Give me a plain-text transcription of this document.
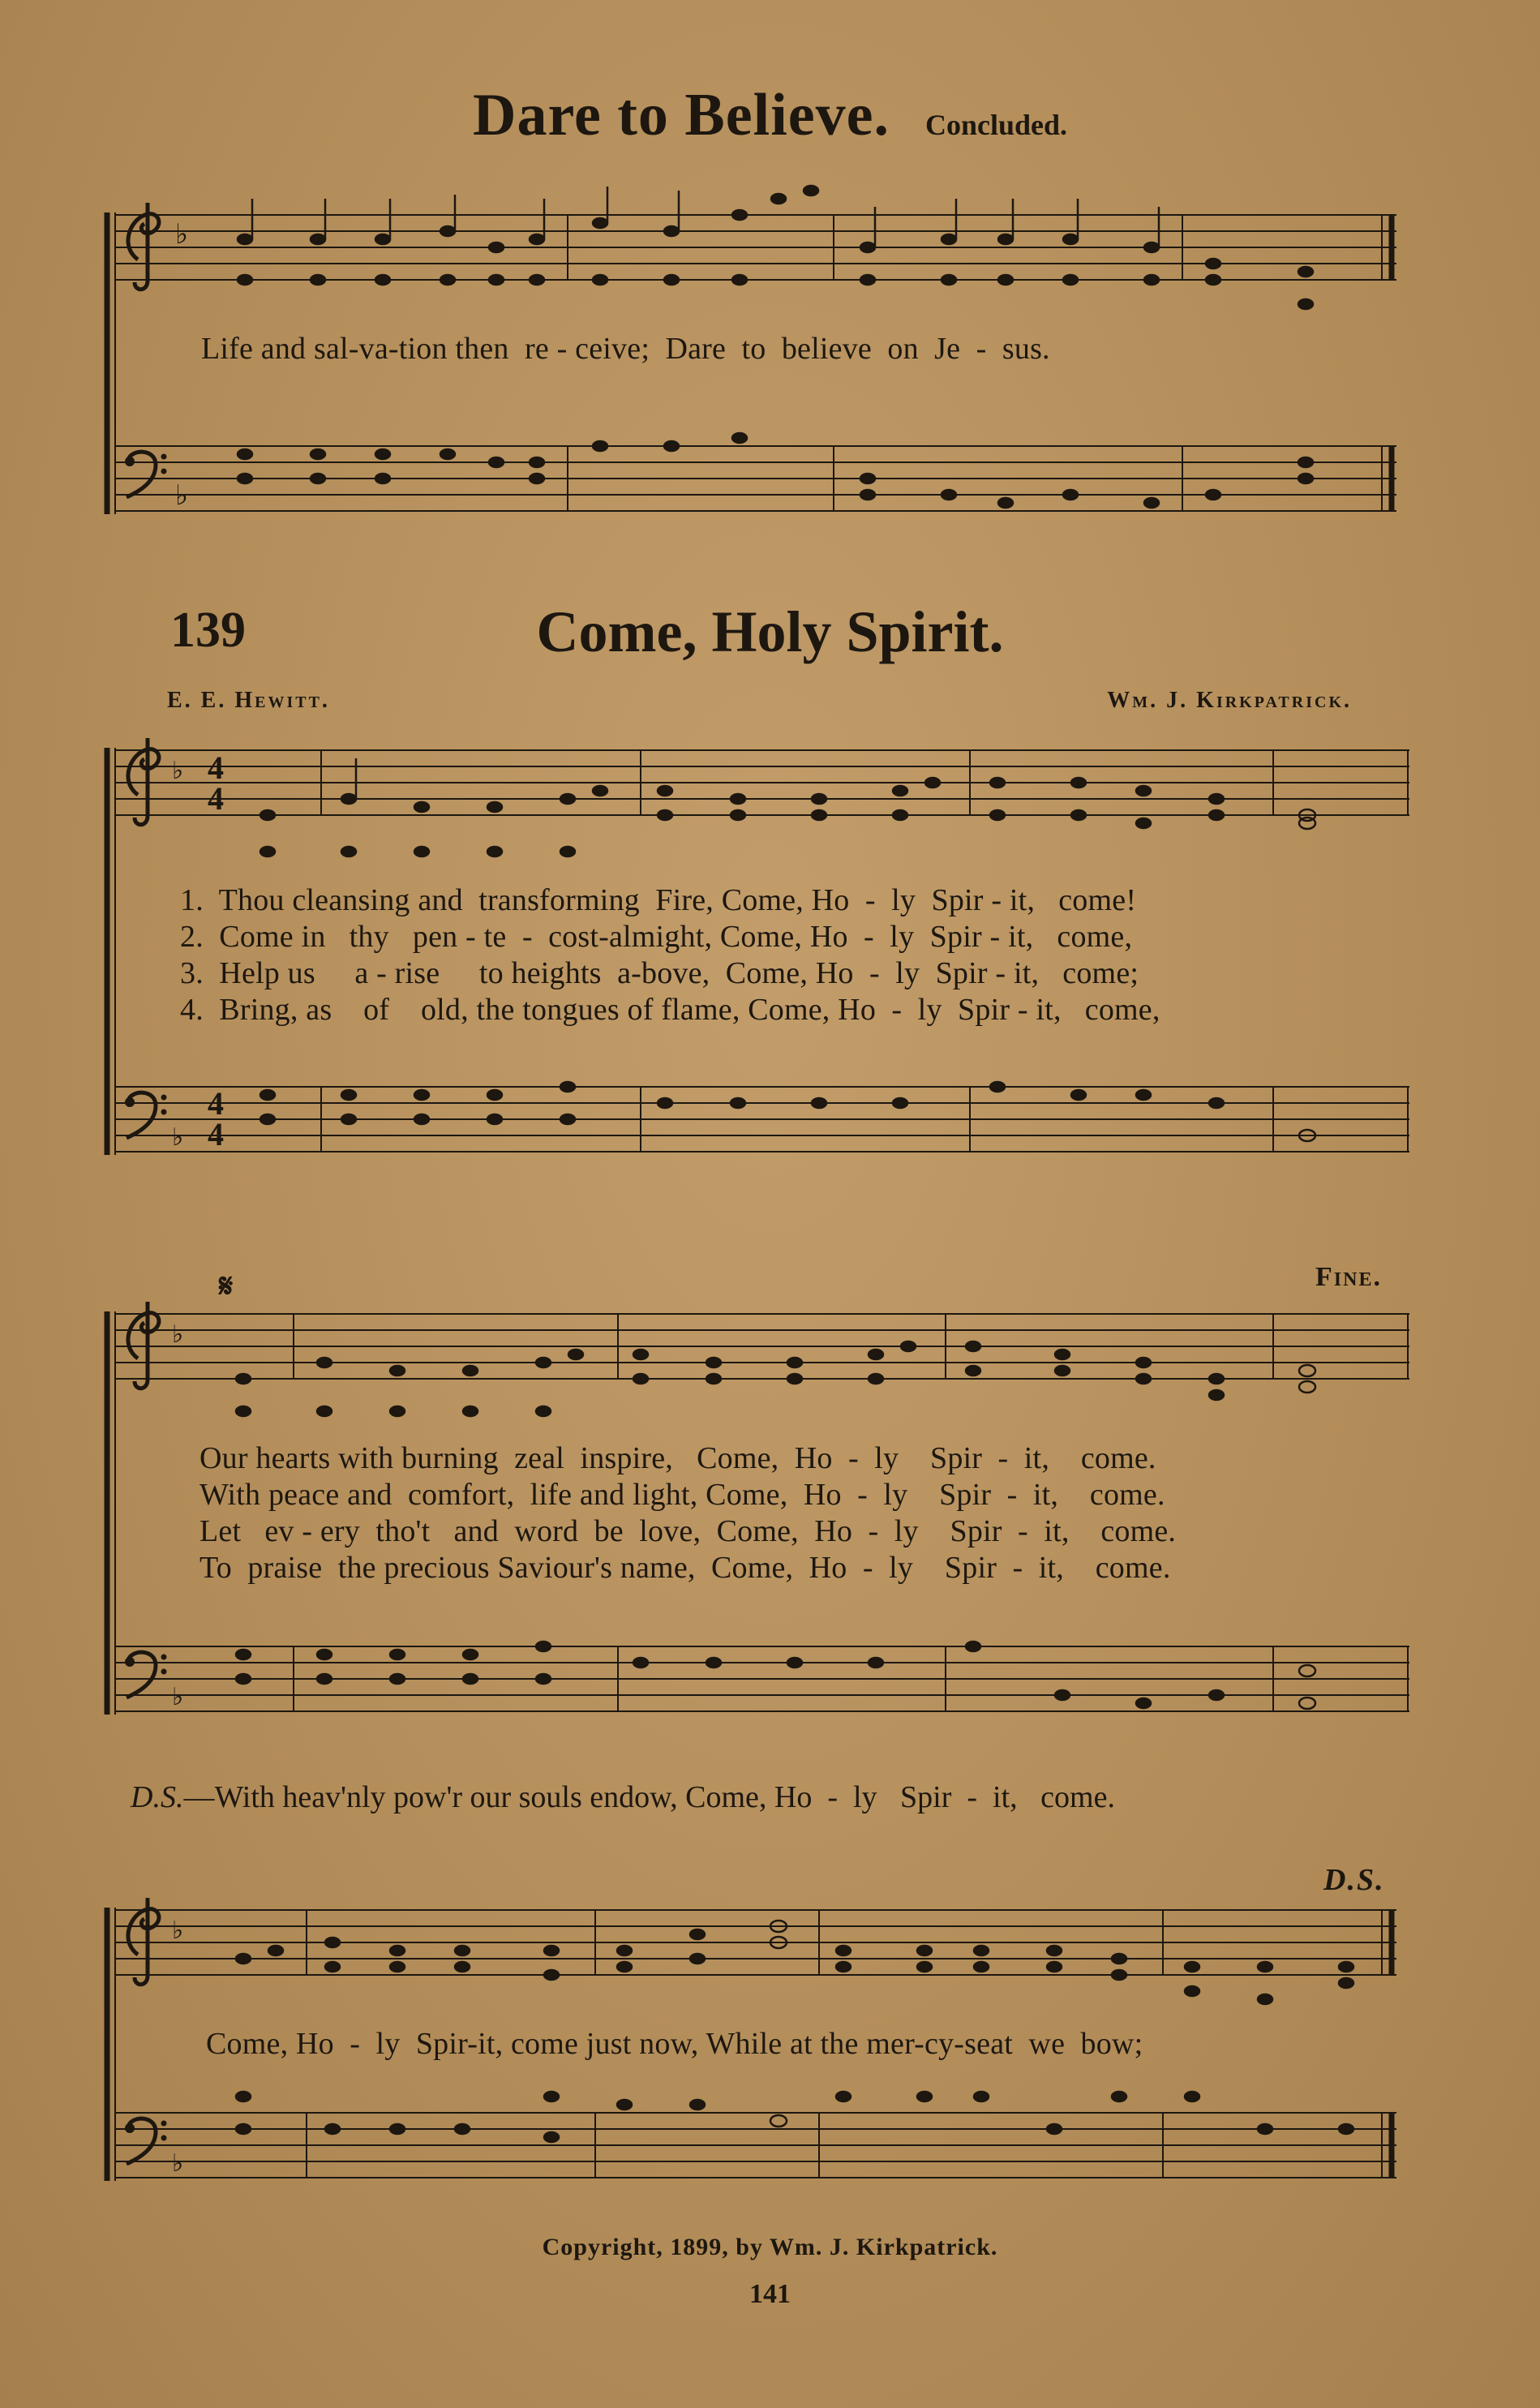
Dare to Believe. Concluded.
♭
♭
♭
♭
4
4
4
4
♭
♭
♭
♭
Life and sal-va-tion then  re - ceive;  Dare  to  believe  on  Je  -  sus.
139	Come, Holy Spirit.
E. E. Hewitt.	Wm. J. Kirkpatrick.
1.  Thou cleansing and  transforming  Fire, Come, Ho  -  ly  Spir - it,   come!
2.  Come in   thy   pen - te  -  cost-almight, Come, Ho  -  ly  Spir - it,   come,
3.  Help us     a - rise     to heights  a-bove,  Come, Ho  -  ly  Spir - it,   come;
4.  Bring, as    of    old, the tongues of flame, Come, Ho  -  ly  Spir - it,   come,
𝄋	Fine.
Our hearts with burning  zeal  inspire,   Come,  Ho  -  ly    Spir  -  it,    come.
With peace and  comfort,  life and light, Come,  Ho  -  ly    Spir  -  it,    come.
Let   ev - ery  tho't   and  word  be  love,  Come,  Ho  -  ly    Spir  -  it,    come.
To  praise  the precious Saviour's name,  Come,  Ho  -  ly    Spir  -  it,    come.

D.S.—With heav'nly pow'r our souls endow, Come, Ho  -  ly   Spir  -  it,   come.

D.S.
Come, Ho  -  ly  Spir-it, come just now, While at the mer-cy-seat  we  bow;
Copyright, 1899, by Wm. J. Kirkpatrick.
141
